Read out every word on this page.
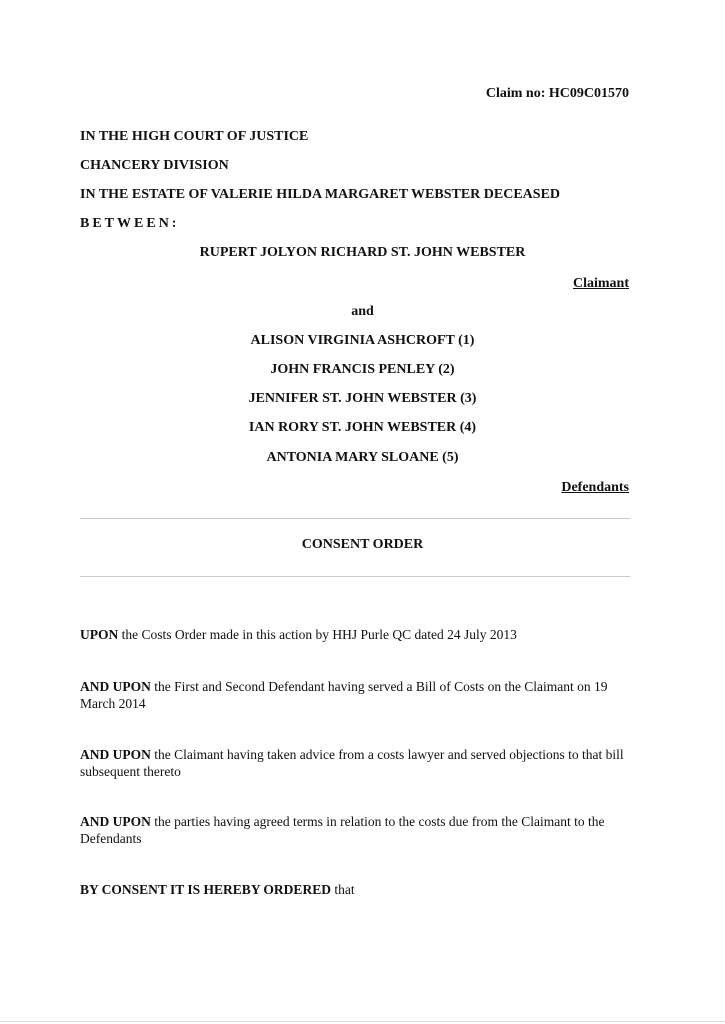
Claim no: HC09C01570

IN THE HIGH COURT OF JUSTICE

CHANCERY DIVISION

IN THE ESTATE OF VALERIE HILDA MARGARET WEBSTER DECEASED

BETWEEN:

RUPERT JOLYON RICHARD ST. JOHN WEBSTER

Claimant

and

ALISON VIRGINIA ASHCROFT (1)

JOHN FRANCIS PENLEY (2)

JENNIFER ST. JOHN WEBSTER (3)

IAN RORY ST. JOHN WEBSTER (4)

ANTONIA MARY SLOANE (5)

Defendants

CONSENT ORDER

UPON the Costs Order made in this action by HHJ Purle QC dated 24 July 2013
AND UPON the First and Second Defendant having served a Bill of Costs on the Claimant on 19 March 2014
AND UPON the Claimant having taken advice from a costs lawyer and served objections to that bill subsequent thereto
AND UPON the parties having agreed terms in relation to the costs due from the Claimant to the Defendants
BY CONSENT IT IS HEREBY ORDERED that
